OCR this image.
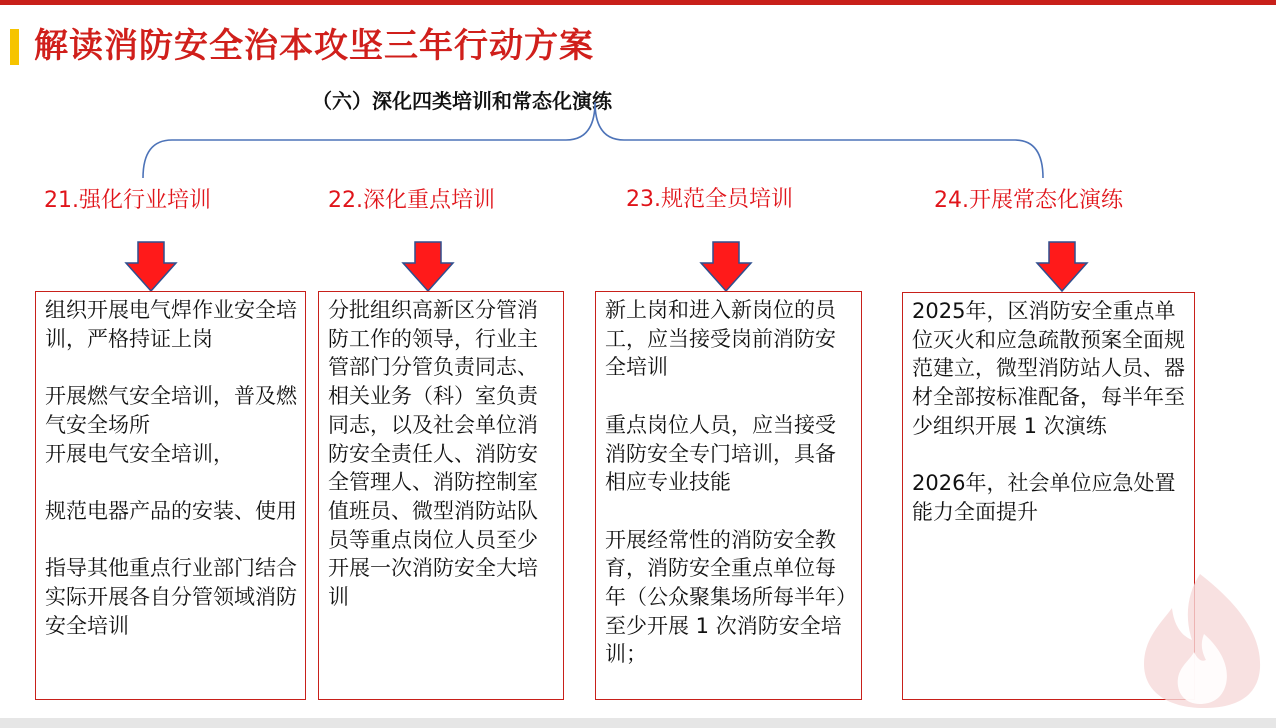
解读消防安全治本攻坚三年行动方案
（六）深化四类培训和常态化演练
21.强化行业培训

组织开展电气焊作业安全培训，严格持证上岗

开展燃气安全培训，普及燃气安全场所
开展电气安全培训，

规范电器产品的安装、使用

指导其他重点行业部门结合实际开展各自分管领域消防安全培训

22.深化重点培训

分批组织高新区分管消防工作的领导，行业主管部门分管负责同志、相关业务（科）室负责同志，以及社会单位消防安全责任人、消防安全管理人、消防控制室值班员、微型消防站队员等重点岗位人员至少开展一次消防安全大培训

23.规范全员培训

新上岗和进入新岗位的员工，应当接受岗前消防安全培训

重点岗位人员，应当接受消防安全专门培训，具备相应专业技能

开展经常性的消防安全教育，消防安全重点单位每年（公众聚集场所每半年）至少开展 1 次消防安全培训；

24.开展常态化演练

2025年，区消防安全重点单位灭火和应急疏散预案全面规范建立，微型消防站人员、器材全部按标准配备，每半年至少组织开展 1 次演练

2026年，社会单位应急处置能力全面提升
